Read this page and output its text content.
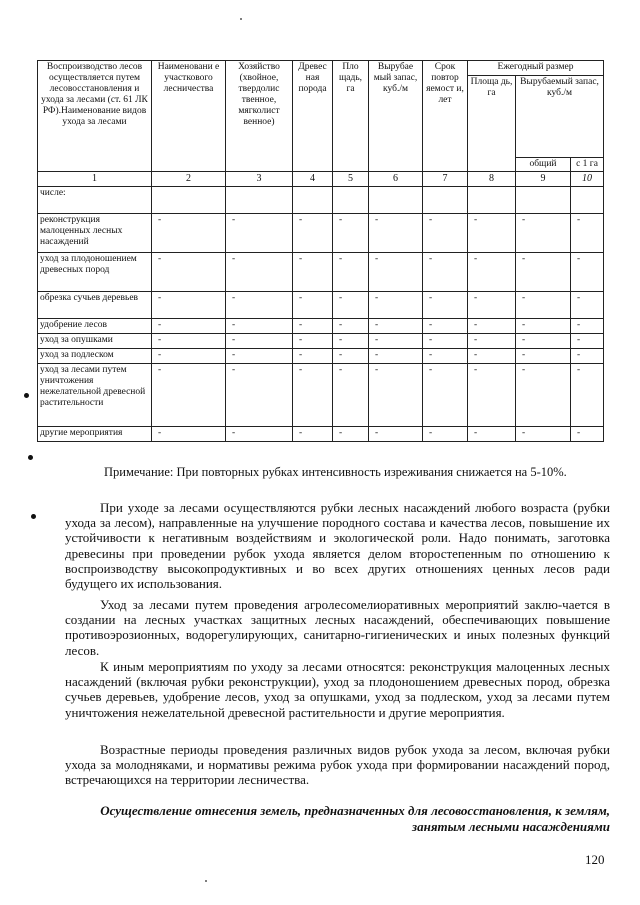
Воспроизводство лесов осуществляется путем лесовосстановления и ухода за лесами (ст. 61 ЛК РФ).Наименование видов ухода за лесами	Наименовани е участкового лесничества	Хозяйство (хвойное, твердолис твенное, мягколист венное)	Древес ная порода	Пло щадь, га	Вырубае мый запас, куб./м	Срок повтор яемост и, лет	Ежегодный размер		
							Площа дь, га	Вырубаемый запас, куб./м	
								общий	с 1 га
1	2	3	4	5	6	7	8	9	10
числе:									
реконструкция малоценных лесных насаждений	-	-	-	-	-	-	-	-	-
уход за плодоношением древесных пород	-	-	-	-	-	-	-	-	-
обрезка сучьев деревьев	-	-	-	-	-	-	-	-	-
удобрение лесов	-	-	-	-	-	-	-	-	-
уход за опушками	-	-	-	-	-	-	-	-	-
уход за подлеском	-	-	-	-	-	-	-	-	-
уход за лесами путем уничтожения нежелательной древесной растительности	-	-	-	-	-	-	-	-	-
другие мероприятия	-	-	-	-	-	-	-	-	-
Примечание: При повторных рубках интенсивность изреживания снижается на 5-10%.

При уходе за лесами осуществляются рубки лесных насаждений любого возраста (рубки ухода за лесом), направленные на улучшение породного состава и качества лесов, повышение их устойчивости к негативным воздействиям и экологической роли. Надо понимать, заготовка древесины при проведении рубок ухода является делом второстепенным по отношению к воспроизводству высокопродуктивных и во всех других отношениях ценных лесов ради будущего их использования.

Уход за лесами путем проведения агролесомелиоративных мероприятий заклю-чается в создании на лесных участках защитных лесных насаждений, обеспечивающих повышение противоэрозионных, водорегулирующих, санитарно-гигиенических и иных полезных функций лесов.

К иным мероприятиям по уходу за лесами относятся: реконструкция малоценных лесных насаждений (включая рубки реконструкции), уход за плодоношением древесных пород, обрезка сучьев деревьев, удобрение лесов, уход за опушками, уход за подлеском, уход за лесами путем уничтожения нежелательной древесной растительности и другие мероприятия.

Возрастные периоды проведения различных видов рубок ухода за лесом, включая рубки ухода за молодняками, и нормативы режима рубок ухода при формировании насаждений пород, встречающихся на территории лесничества.

Осуществление отнесения земель, предназначенных для лесовосстановления, к землям, занятым лесными насаждениями

120
